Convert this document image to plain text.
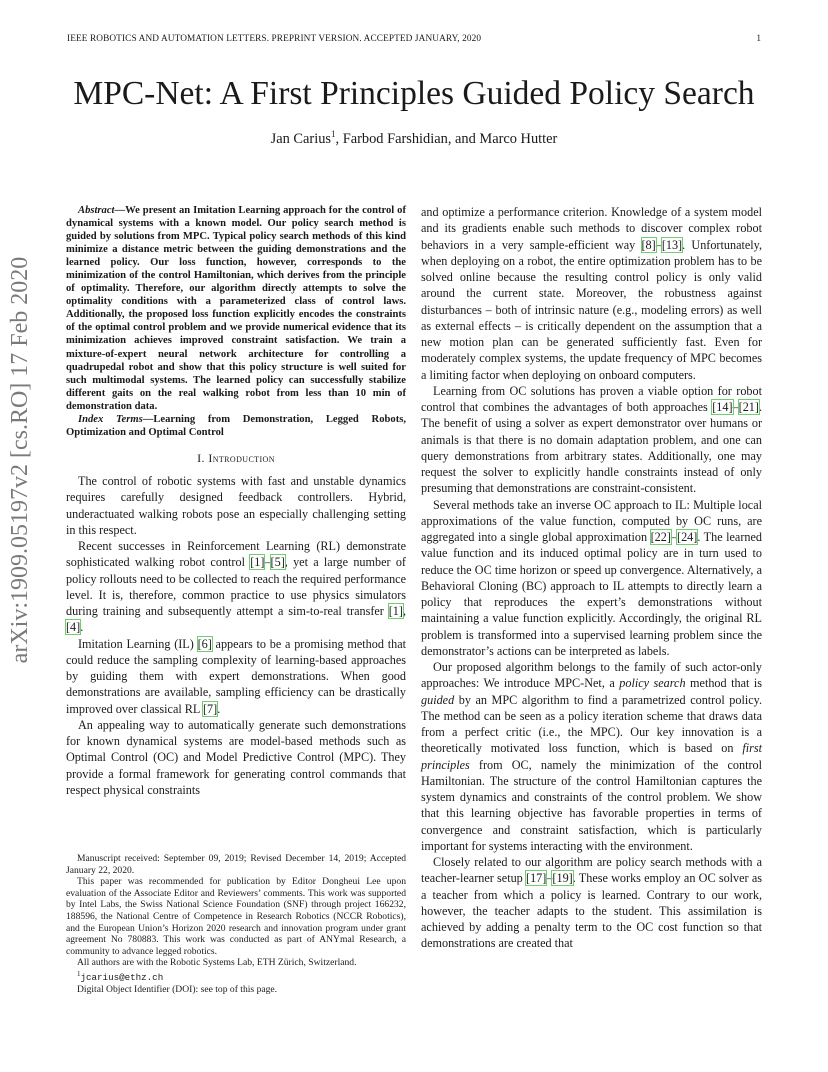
IEEE ROBOTICS AND AUTOMATION LETTERS. PREPRINT VERSION. ACCEPTED JANUARY, 2020	1
MPC-Net: A First Principles Guided Policy Search
Jan Carius$^1$, Farbod Farshidian, and Marco Hutter
arXiv:1909.05197v2 [cs.RO] 17 Feb 2020

Abstract—We present an Imitation Learning approach for the control of dynamical systems with a known model. Our policy search method is guided by solutions from MPC. Typical policy search methods of this kind minimize a distance metric between the guiding demonstrations and the learned policy. Our loss function, however, corresponds to the minimization of the control Hamiltonian, which derives from the principle of optimality. Therefore, our algorithm directly attempts to solve the optimality conditions with a parameterized class of control laws. Additionally, the proposed loss function explicitly encodes the constraints of the optimal control problem and we provide numerical evidence that its minimization achieves improved constraint satisfaction. We train a mixture-of-expert neural network architecture for controlling a quadrupedal robot and show that this policy structure is well suited for such multimodal systems. The learned policy can successfully stabilize different gaits on the real walking robot from less than 10 min of demonstration data.

Index Terms—Learning from Demonstration, Legged Robots, Optimization and Optimal Control

I. Introduction

The control of robotic systems with fast and unstable dynamics requires carefully designed feedback controllers. Hybrid, underactuated walking robots pose an especially challenging setting in this respect.

Recent successes in Reinforcement Learning (RL) demonstrate sophisticated walking robot control [1]–[5], yet a large number of policy rollouts need to be collected to reach the required performance level. It is, therefore, common practice to use physics simulators during training and subsequently attempt a sim-to-real transfer [1], [4].

Imitation Learning (IL) [6] appears to be a promising method that could reduce the sampling complexity of learning-based approaches by guiding them with expert demonstrations. When good demonstrations are available, sampling efficiency can be drastically improved over classical RL [7].

An appealing way to automatically generate such demonstrations for known dynamical systems are model-based methods such as Optimal Control (OC) and Model Predictive Control (MPC). They provide a formal framework for generating control commands that respect physical constraints

Manuscript received: September 09, 2019; Revised December 14, 2019; Accepted January 22, 2020.

This paper was recommended for publication by Editor Dongheui Lee upon evaluation of the Associate Editor and Reviewers’ comments. This work was supported by Intel Labs, the Swiss National Science Foundation (SNF) through project 166232, 188596, the National Centre of Competence in Research Robotics (NCCR Robotics), and the European Union’s Horizon 2020 research and innovation program under grant agreement No 780883. This work was conducted as part of ANYmal Research, a community to advance legged robotics.

All authors are with the Robotic Systems Lab, ETH Zürich, Switzerland.

$^1$jcarius@ethz.ch

Digital Object Identifier (DOI): see top of this page.

and optimize a performance criterion. Knowledge of a system model and its gradients enable such methods to discover complex robot behaviors in a very sample-efficient way [8]–[13]. Unfortunately, when deploying on a robot, the entire optimization problem has to be solved online because the resulting control policy is only valid around the current state. Moreover, the robustness against disturbances – both of intrinsic nature (e.g., modeling errors) as well as external effects – is critically dependent on the assumption that a new motion plan can be generated sufficiently fast. Even for moderately complex systems, the update frequency of MPC becomes a limiting factor when deploying on onboard computers.

Learning from OC solutions has proven a viable option for robot control that combines the advantages of both approaches [14]–[21]. The benefit of using a solver as expert demonstrator over humans or animals is that there is no domain adaptation problem, and one can query demonstrations from arbitrary states. Additionally, one may request the solver to explicitly handle constraints instead of only presuming that demonstrations are constraint-consistent.

Several methods take an inverse OC approach to IL: Multiple local approximations of the value function, computed by OC runs, are aggregated into a single global approximation [22]–[24]. The learned value function and its induced optimal policy are in turn used to reduce the OC time horizon or speed up convergence. Alternatively, a Behavioral Cloning (BC) approach to IL attempts to directly learn a policy that reproduces the expert’s demonstrations without maintaining a value function explicitly. Accordingly, the original RL problem is transformed into a supervised learning problem since the demonstrator’s actions can be interpreted as labels.

Our proposed algorithm belongs to the family of such actor-only approaches: We introduce MPC-Net, a policy search method that is guided by an MPC algorithm to find a parametrized control policy. The method can be seen as a policy iteration scheme that draws data from a perfect critic (i.e., the MPC). Our key innovation is a theoretically motivated loss function, which is based on first principles from OC, namely the minimization of the control Hamiltonian. The structure of the control Hamiltonian captures the system dynamics and constraints of the control problem. We show that this learning objective has favorable properties in terms of convergence and constraint satisfaction, which is particularly important for systems interacting with the environment.

Closely related to our algorithm are policy search methods with a teacher-learner setup [17]–[19]. These works employ an OC solver as a teacher from which a policy is learned. Contrary to our work, however, the teacher adapts to the student. This assimilation is achieved by adding a penalty term to the OC cost function so that demonstrations are created that
